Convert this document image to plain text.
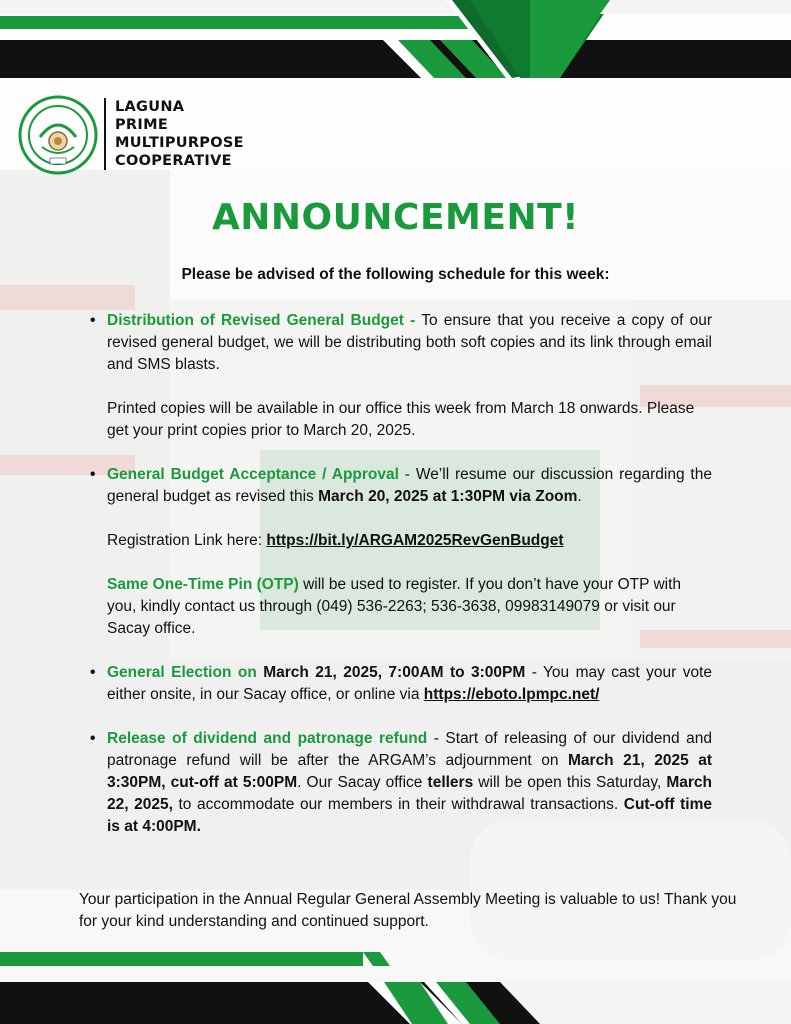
LAGUNA
PRIME
MULTIPURPOSE
COOPERATIVE
ANNOUNCEMENT!
Please be advised of the following schedule for this week:
• Distribution of Revised General Budget - To ensure that you receive a copy of our revised general budget, we will be distributing both soft copies and its link through email and SMS blasts.
Printed copies will be available in our office this week from March 18 onwards. Please get your print copies prior to March 20, 2025.
• General Budget Acceptance / Approval - We’ll resume our discussion regarding the general budget as revised this March 20, 2025 at 1:30PM via Zoom.
Registration Link here: https://bit.ly/ARGAM2025RevGenBudget
Same One-Time Pin (OTP) will be used to register. If you don’t have your OTP with you, kindly contact us through (049) 536-2263; 536-3638, 09983149079 or visit our Sacay office.
• General Election on March 21, 2025, 7:00AM to 3:00PM - You may cast your vote either onsite, in our Sacay office, or online via https://eboto.lpmpc.net/
• Release of dividend and patronage refund - Start of releasing of our dividend and patronage refund will be after the ARGAM’s adjournment on March 21, 2025 at 3:30PM, cut-off at 5:00PM. Our Sacay office tellers will be open this Saturday, March 22, 2025, to accommodate our members in their withdrawal transactions. Cut-off time is at 4:00PM.
Your participation in the Annual Regular General Assembly Meeting is valuable to us! Thank you for your kind understanding and continued support.
